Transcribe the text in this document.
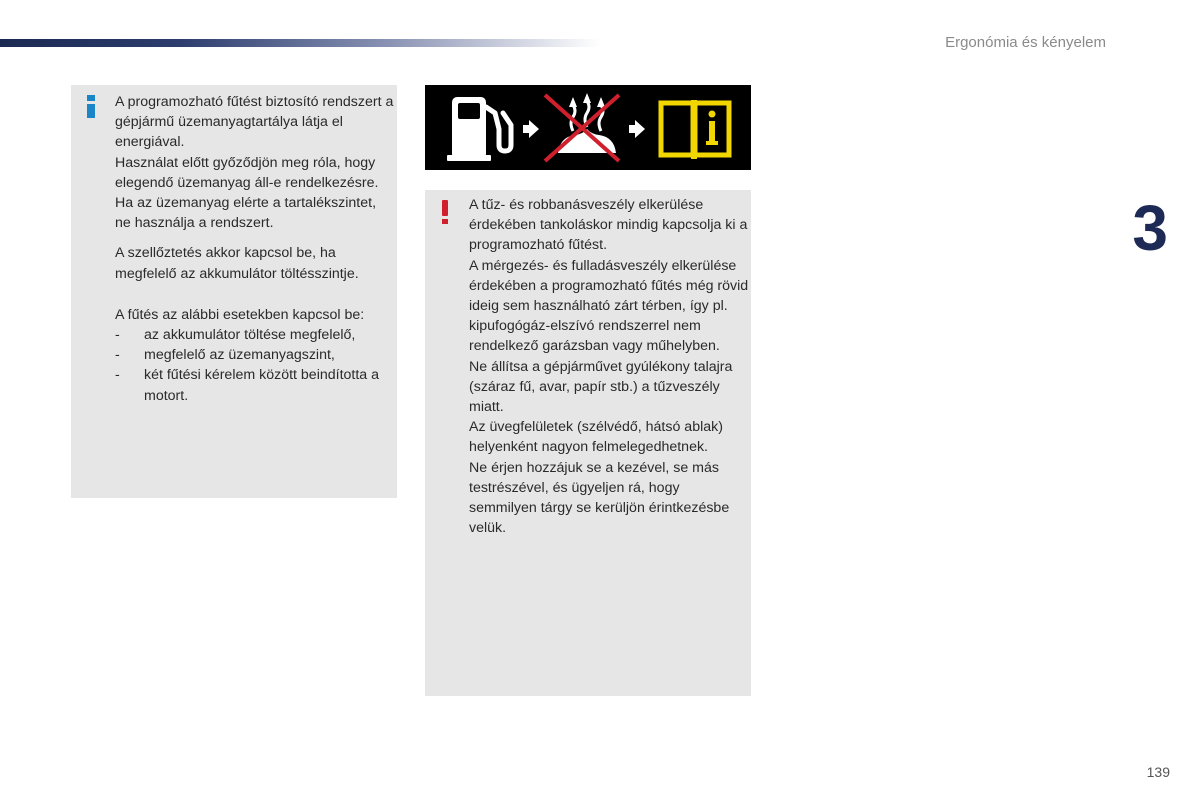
Ergonómia és kényelem
3

A programozható fűtést biztosító rendszert a gépjármű üzemanyagtartálya látja el energiával.

Használat előtt győződjön meg róla, hogy elegendő üzemanyag áll-e rendelkezésre.

Ha az üzemanyag elérte a tartalékszintet, ne használja a rendszert.

A szellőztetés akkor kapcsol be, ha megfelelő az akkumulátor töltésszintje.

A fűtés az alábbi esetekben kapcsol be:

- az akkumulátor töltése megfelelő,
- megfelelő az üzemanyagszint,
- két fűtési kérelem között beindította a motort.

A tűz- és robbanásveszély elkerülése érdekében tankoláskor mindig kapcsolja ki a programozható fűtést.

A mérgezés- és fulladásveszély elkerülése érdekében a programozható fűtés még rövid ideig sem használható zárt térben, így pl. kipufogógáz-elszívó rendszerrel nem rendelkező garázsban vagy műhelyben.

Ne állítsa a gépjárművet gyúlékony talajra (száraz fű, avar, papír stb.) a tűzveszély miatt.

Az üvegfelületek (szélvédő, hátsó ablak) helyenként nagyon felmelegedhetnek.

Ne érjen hozzájuk se a kezével, se más testrészével, és ügyeljen rá, hogy semmilyen tárgy se kerüljön érintkezésbe velük.

139
